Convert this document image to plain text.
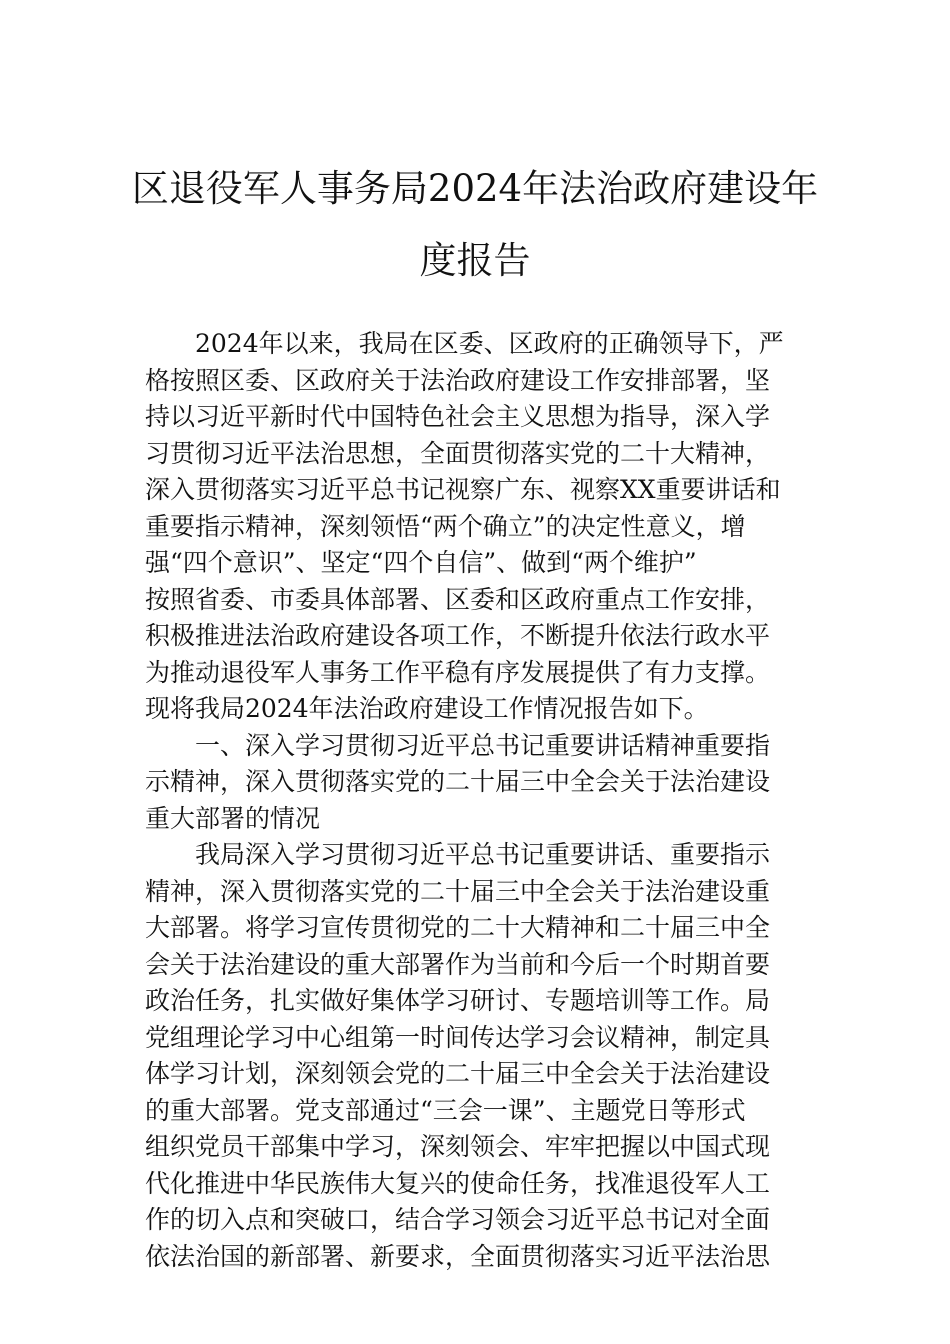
区退役军人事务局2024年法治政府建设年
度报告
2024年以来，我局在区委、区政府的正确领导下，严
格按照区委、区政府关于法治政府建设工作安排部署，坚
持以习近平新时代中国特色社会主义思想为指导，深入学
习贯彻习近平法治思想，全面贯彻落实党的二十大精神，
深入贯彻落实习近平总书记视察广东、视察XX重要讲话和
重要指示精神，深刻领悟“两个确立”的决定性意义，增
强“四个意识”、坚定“四个自信”、做到“两个维护”
按照省委、市委具体部署、区委和区政府重点工作安排，
积极推进法治政府建设各项工作，不断提升依法行政水平
为推动退役军人事务工作平稳有序发展提供了有力支撑。
现将我局2024年法治政府建设工作情况报告如下。
一、深入学习贯彻习近平总书记重要讲话精神重要指
示精神，深入贯彻落实党的二十届三中全会关于法治建设
重大部署的情况
我局深入学习贯彻习近平总书记重要讲话、重要指示
精神，深入贯彻落实党的二十届三中全会关于法治建设重
大部署。将学习宣传贯彻党的二十大精神和二十届三中全
会关于法治建设的重大部署作为当前和今后一个时期首要
政治任务，扎实做好集体学习研讨、专题培训等工作。局
党组理论学习中心组第一时间传达学习会议精神，制定具
体学习计划，深刻领会党的二十届三中全会关于法治建设
的重大部署。党支部通过“三会一课”、主题党日等形式
组织党员干部集中学习，深刻领会、牢牢把握以中国式现
代化推进中华民族伟大复兴的使命任务，找准退役军人工
作的切入点和突破口，结合学习领会习近平总书记对全面
依法治国的新部署、新要求，全面贯彻落实习近平法治思
